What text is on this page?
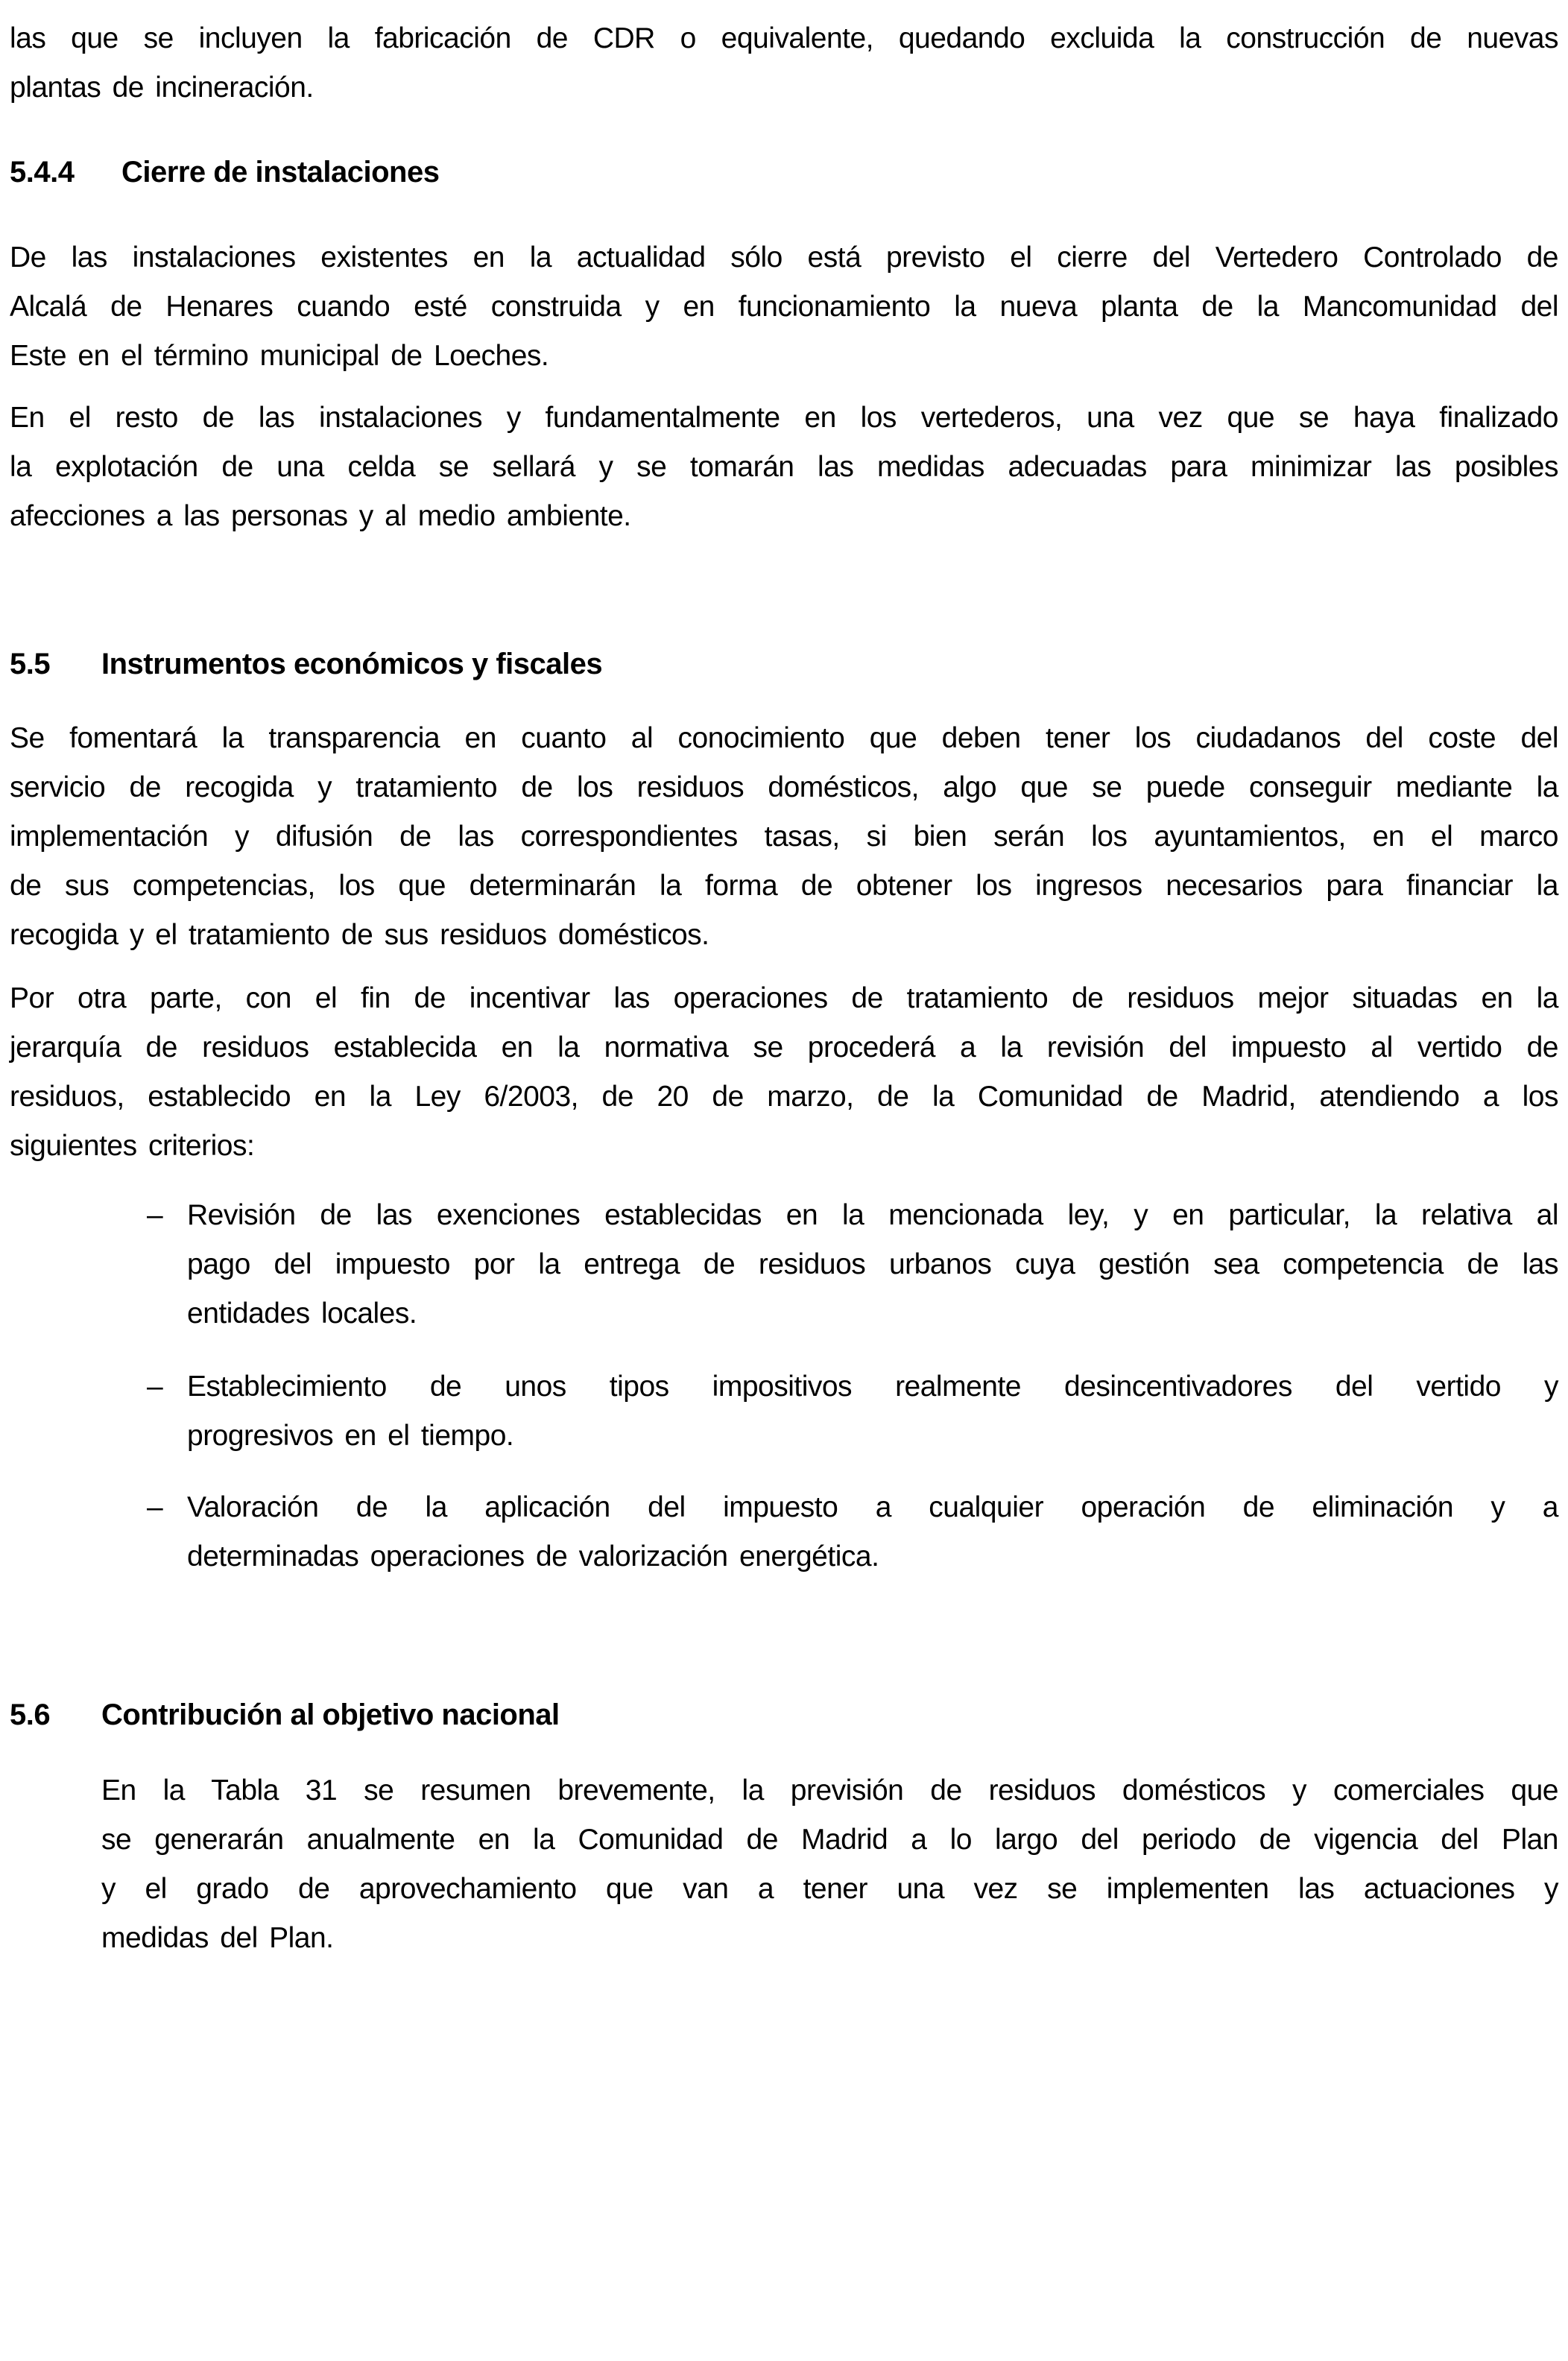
las que se incluyen la fabricación de CDR o equivalente, quedando excluida la construcción de nuevas
plantas de incineración.
5.4.4 Cierre de instalaciones
De las instalaciones existentes en la actualidad sólo está previsto el cierre del Vertedero Controlado de
Alcalá de Henares cuando esté construida y en funcionamiento la nueva planta de la Mancomunidad del
Este en el término municipal de Loeches.
En el resto de las instalaciones y fundamentalmente en los vertederos, una vez que se haya finalizado
la explotación de una celda se sellará y se tomarán las medidas adecuadas para minimizar las posibles
afecciones a las personas y al medio ambiente.
5.5 Instrumentos económicos y fiscales
Se fomentará la transparencia en cuanto al conocimiento que deben tener los ciudadanos del coste del
servicio de recogida y tratamiento de los residuos domésticos, algo que se puede conseguir mediante la
implementación y difusión de las correspondientes tasas, si bien serán los ayuntamientos, en el marco
de sus competencias, los que determinarán la forma de obtener los ingresos necesarios para financiar la
recogida y el tratamiento de sus residuos domésticos.
Por otra parte, con el fin de incentivar las operaciones de tratamiento de residuos mejor situadas en la
jerarquía de residuos establecida en la normativa se procederá a la revisión del impuesto al vertido de
residuos, establecido en la Ley 6/2003, de 20 de marzo, de la Comunidad de Madrid, atendiendo a los
siguientes criterios:
– Revisión de las exenciones establecidas en la mencionada ley, y en particular, la relativa al
pago del impuesto por la entrega de residuos urbanos cuya gestión sea competencia de las
entidades locales.
– Establecimiento de unos tipos impositivos realmente desincentivadores del vertido y
progresivos en el tiempo.
– Valoración de la aplicación del impuesto a cualquier operación de eliminación y a
determinadas operaciones de valorización energética.
5.6 Contribución al objetivo nacional
En la Tabla 31 se resumen brevemente, la previsión de residuos domésticos y comerciales que
se generarán anualmente en la Comunidad de Madrid a lo largo del periodo de vigencia del Plan
y el grado de aprovechamiento que van a tener una vez se implementen las actuaciones y
medidas del Plan.
